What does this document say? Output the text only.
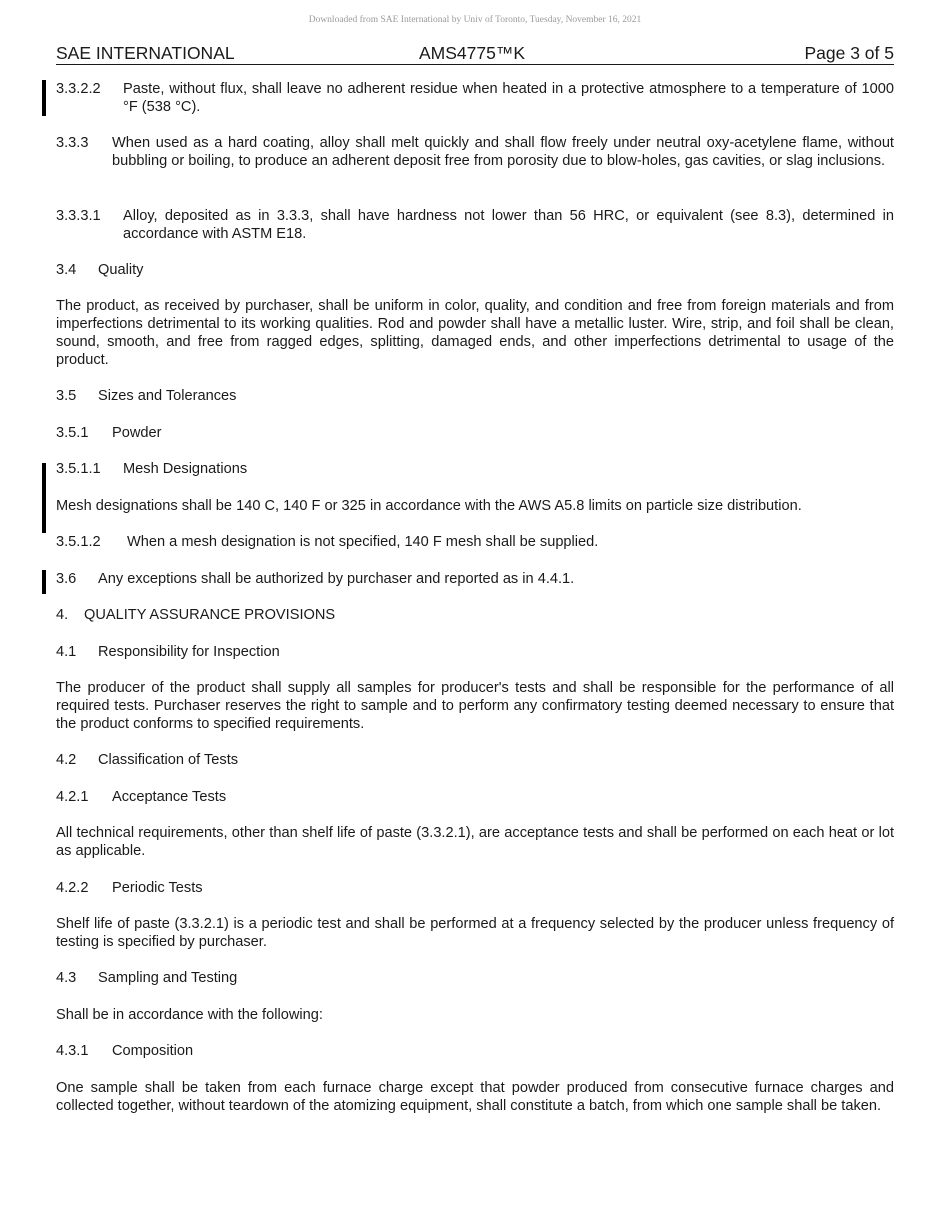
Downloaded from SAE International by Univ of Toronto, Tuesday, November 16, 2021
SAE INTERNATIONAL	AMS4775™K	Page 3 of 5
3.3.2.2	Paste, without flux, shall leave no adherent residue when heated in a protective atmosphere to a temperature of 1000 °F (538 °C).
3.3.3	When used as a hard coating, alloy shall melt quickly and shall flow freely under neutral oxy-acetylene flame, without bubbling or boiling, to produce an adherent deposit free from porosity due to blow-holes, gas cavities, or slag inclusions.
3.3.3.1	Alloy, deposited as in 3.3.3, shall have hardness not lower than 56 HRC, or equivalent (see 8.3), determined in accordance with ASTM E18.
3.4 Quality
The product, as received by purchaser, shall be uniform in color, quality, and condition and free from foreign materials and from imperfections detrimental to its working qualities. Rod and powder shall have a metallic luster. Wire, strip, and foil shall be clean, sound, smooth, and free from ragged edges, splitting, damaged ends, and other imperfections detrimental to usage of the product.
3.5 Sizes and Tolerances
3.5.1 Powder
3.5.1.1 Mesh Designations
Mesh designations shall be 140 C, 140 F or 325 in accordance with the AWS A5.8 limits on particle size distribution.
3.5.1.2 When a mesh designation is not specified, 140 F mesh shall be supplied.
3.6 Any exceptions shall be authorized by purchaser and reported as in 4.4.1.
4. QUALITY ASSURANCE PROVISIONS
4.1 Responsibility for Inspection
The producer of the product shall supply all samples for producer's tests and shall be responsible for the performance of all required tests. Purchaser reserves the right to sample and to perform any confirmatory testing deemed necessary to ensure that the product conforms to specified requirements.
4.2 Classification of Tests
4.2.1 Acceptance Tests
All technical requirements, other than shelf life of paste (3.3.2.1), are acceptance tests and shall be performed on each heat or lot as applicable.
4.2.2 Periodic Tests
Shelf life of paste (3.3.2.1) is a periodic test and shall be performed at a frequency selected by the producer unless frequency of testing is specified by purchaser.
4.3 Sampling and Testing
Shall be in accordance with the following:
4.3.1 Composition
One sample shall be taken from each furnace charge except that powder produced from consecutive furnace charges and collected together, without teardown of the atomizing equipment, shall constitute a batch, from which one sample shall be taken.
